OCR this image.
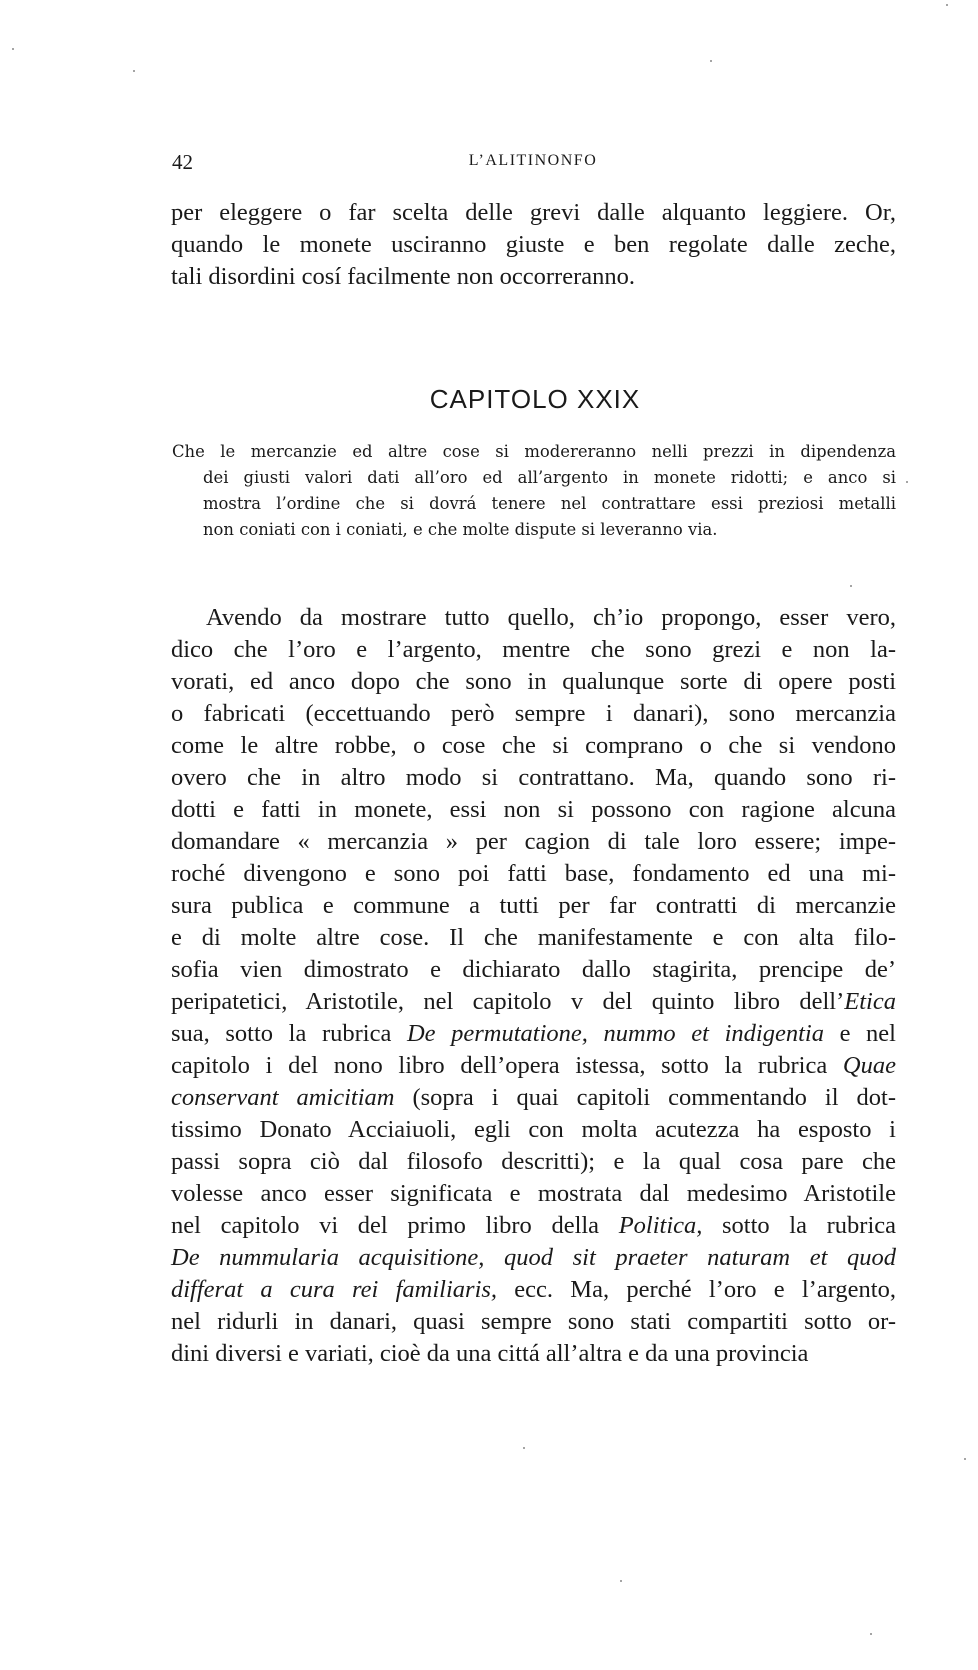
42	L’ALITINONFO
per eleggere o far scelta delle grevi dalle alquanto leggiere. Or,
quando le monete usciranno giuste e ben regolate dalle zeche,
tali disordini cosí facilmente non occorreranno.
CAPITOLO XXIX
Che le mercanzie ed altre cose si modereranno nelli prezzi in dipendenza
dei giusti valori dati all’oro ed all’argento in monete ridotti; e anco si
mostra l’ordine che si dovrá tenere nel contrattare essi preziosi metalli
non coniati con i coniati, e che molte dispute si leveranno via.
Avendo da mostrare tutto quello, ch’io propongo, esser vero,
dico che l’oro e l’argento, mentre che sono grezi e non la-
vorati, ed anco dopo che sono in qualunque sorte di opere posti
o fabricati (eccettuando però sempre i danari), sono mercanzia
come le altre robbe, o cose che si comprano o che si vendono
overo che in altro modo si contrattano. Ma, quando sono ri-
dotti e fatti in monete, essi non si possono con ragione alcuna
domandare « mercanzia » per cagion di tale loro essere; impe-
roché divengono e sono poi fatti base, fondamento ed una mi-
sura publica e commune a tutti per far contratti di mercanzie
e di molte altre cose. Il che manifestamente e con alta filo-
sofia vien dimostrato e dichiarato dallo stagirita, prencipe de’
peripatetici, Aristotile, nel capitolo v del quinto libro dell’Etica
sua, sotto la rubrica De permutatione, nummo et indigentia e nel
capitolo i del nono libro dell’opera istessa, sotto la rubrica Quae
conservant amicitiam (sopra i quai capitoli commentando il dot-
tissimo Donato Acciaiuoli, egli con molta acutezza ha esposto i
passi sopra ciò dal filosofo descritti); e la qual cosa pare che
volesse anco esser significata e mostrata dal medesimo Aristotile
nel capitolo vi del primo libro della Politica, sotto la rubrica
De nummularia acquisitione, quod sit praeter naturam et quod
differat a cura rei familiaris, ecc. Ma, perché l’oro e l’argento,
nel ridurli in danari, quasi sempre sono stati compartiti sotto or-
dini diversi e variati, cioè da una cittá all’altra e da una provincia
